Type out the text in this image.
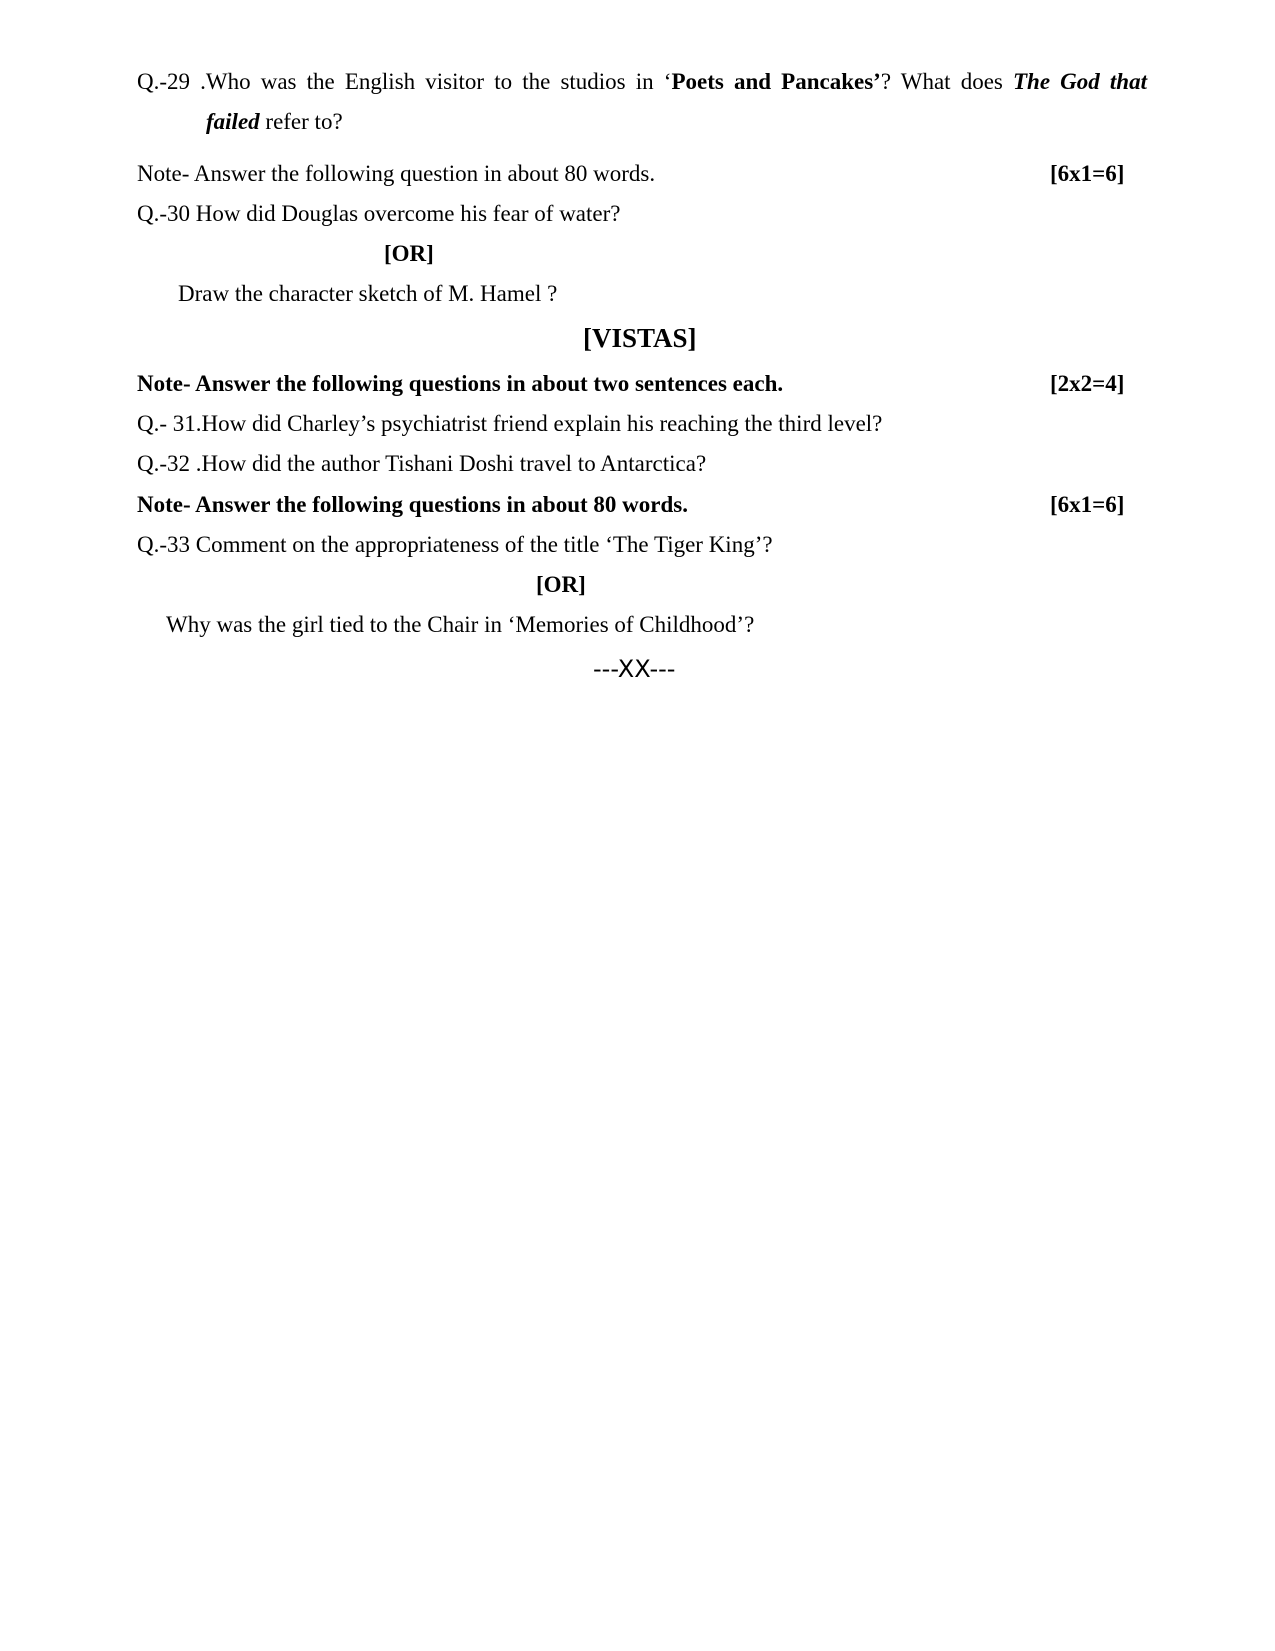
Q.-29 .Who was the English visitor to the studios in ‘Poets and Pancakes’? What does The God that
failed refer to?
Note- Answer the following question in about 80 words.	[6x1=6]
Q.-30 How did Douglas overcome his fear of water?
[OR]
Draw the character sketch of M. Hamel ?
[VISTAS]
Note- Answer the following questions in about two sentences each.	[2x2=4]
Q.- 31.How did Charley’s psychiatrist friend explain his reaching the third level?
Q.-32 .How did the author Tishani Doshi travel to Antarctica?
Note- Answer the following questions in about 80 words.	[6x1=6]
Q.-33 Comment on the appropriateness of the title ‘The Tiger King’?
[OR]
Why was the girl tied to the Chair in ‘Memories of Childhood’?
---XX---
